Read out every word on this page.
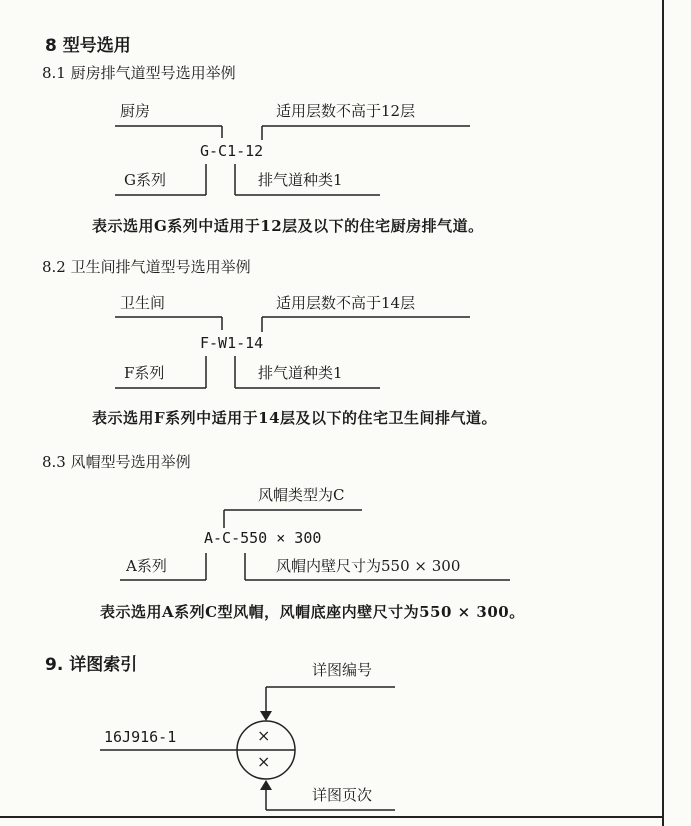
8 型号选用
8.1 厨房排气道型号选用举例
厨房	适用层数不高于12层
G-C1-12
G系列	排气道种类1
表示选用G系列中适用于12层及以下的住宅厨房排气道。
8.2 卫生间排气道型号选用举例
卫生间	适用层数不高于14层
F-W1-14
F系列	排气道种类1
表示选用F系列中适用于14层及以下的住宅卫生间排气道。
8.3 风帽型号选用举例
风帽类型为C
A-C-550 × 300
A系列	风帽内壁尺寸为550 × 300
表示选用A系列C型风帽，风帽底座内壁尺寸为550 × 300。
9. 详图索引	详图编号
16J916-1	×
×
详图页次
